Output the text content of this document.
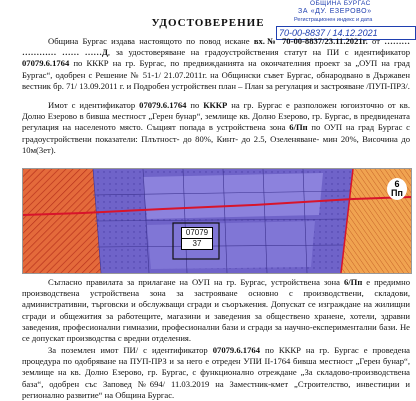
ОБЩИНА БУРГАС
ЗА «ДУ. ЕЗЕРОВО»
Регистрационен индекс и дата
70-00-8837 / 14.12.2021

УДОСТОВЕРЕНИЕ

Община Бургас издава настоящото по повод искане вх.№ 70-00-8837/23.11.2021г. от ……… ………… …… ……Д, за удостоверяване на градоустройствения статут на ПИ с идентификатор 07079.6.1764 по КККР на гр. Бургас, по предвижданията на окончателния проект за „ОУП на град Бургас“, одобрен с Решение № 51-1/ 21.07.2011г. на Общински съвет Бургас, обнародвано в Държавен вестник бр. 71/ 13.09.2011 г. и Подробен устройствен план – План за регулация и застрояване /ПУП-ПРЗ/.

Имот с идентификатор 07079.6.1764 по КККР на гр. Бургас е разположен югоизточно от кв. Долно Езерово в бивша местност „Герен бунар“, землище кв. Долно Езерово, гр. Бургас, в предвидената регулация на населеното място. Същият попада в устройствена зона 6/Пп по ОУП на град Бургас с градоустройствени показатели: Плътност- до 80%, Кинт- до 2.5, Озеленяване- мин 20%, Височина до 10м(3ет).

6
Пп
07079
37

Съгласно правилата за прилагане на ОУП на гр. Бургас, устройствена зона 6/Пп е предимно производствена устройствена зона за застрояване основно с производствени, складови, административни, търговски и обслужващи сгради и съоръжения. Допускат се изграждане на жилищни сгради и общежития за работещите, магазини и заведения за обществено хранене, хотели, здравни заведения, професионални гимназии, професионални бази и сгради за научно-експериментални бази. Не се допускат производства с вредни отделения.

За поземлен имот ПИ/ с идентификатор 07079.6.1764 по КККР на гр. Бургас е проведена процедура по одобряване на ПУП-ПРЗ и за него е отреден УПИ II-1764 бивша местност „Герен бунар“, землище на кв. Долно Езерово, гр. Бургас, с функционално отреждане „За складово-производствена база“, одобрен със Заповед №694/ 11.03.2019 на Заместник-кмет „Строителство, инвестиции и регионално развитие“ на Община Бургас.
